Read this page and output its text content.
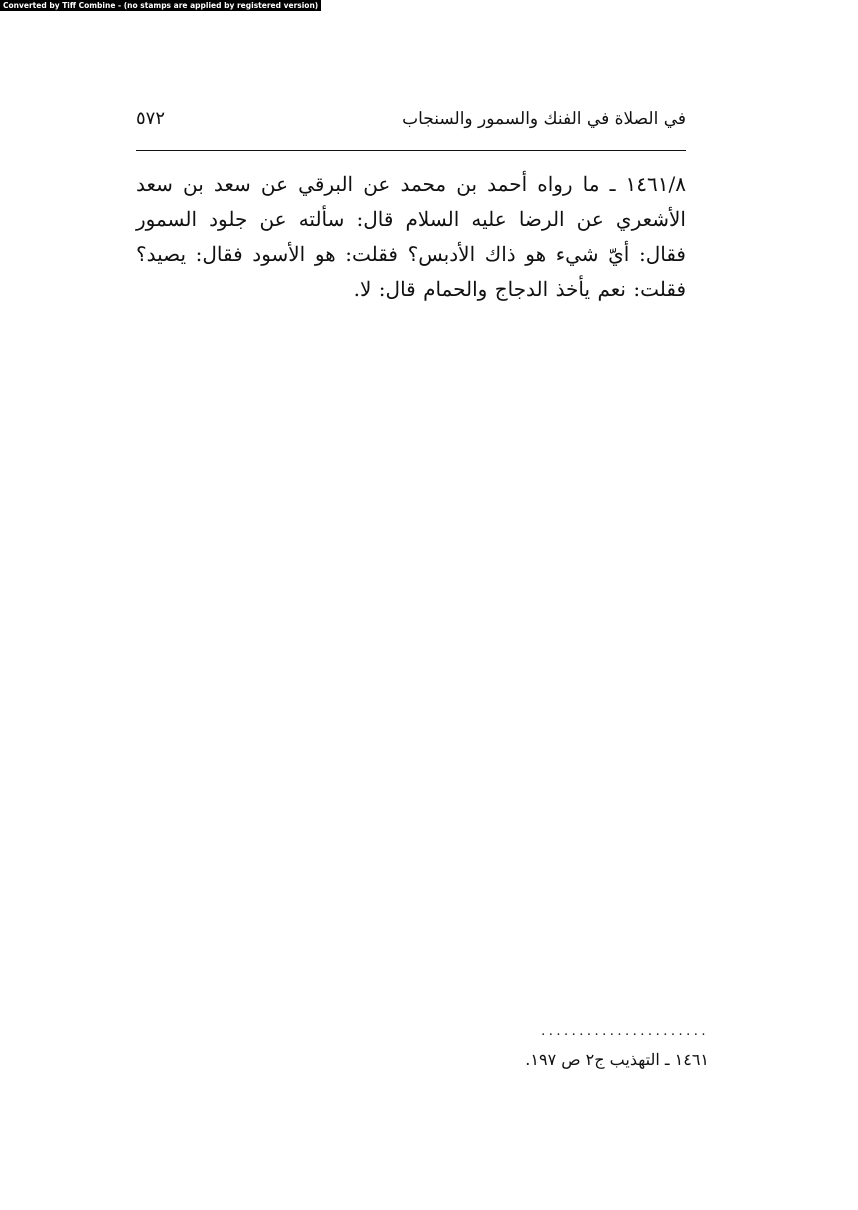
Converted by Tiff Combine - (no stamps are applied by registered version)
٥٧٢	في الصلاة في الفنك والسمور والسنجاب

١٤٦١/٨ ـ ما رواه أحمد بن محمد عن البرقي عن سعد بن سعد الأشعري عن الرضا عليه السلام قال: سألته عن جلود السمور فقال: أيّ شيء هو ذاك الأدبس؟ فقلت: هو الأسود فقال: يصيد؟ فقلت: نعم يأخذ الدجاج والحمام قال: لا.

......................
١٤٦١ ـ التهذيب ج٢ ص ١٩٧.
